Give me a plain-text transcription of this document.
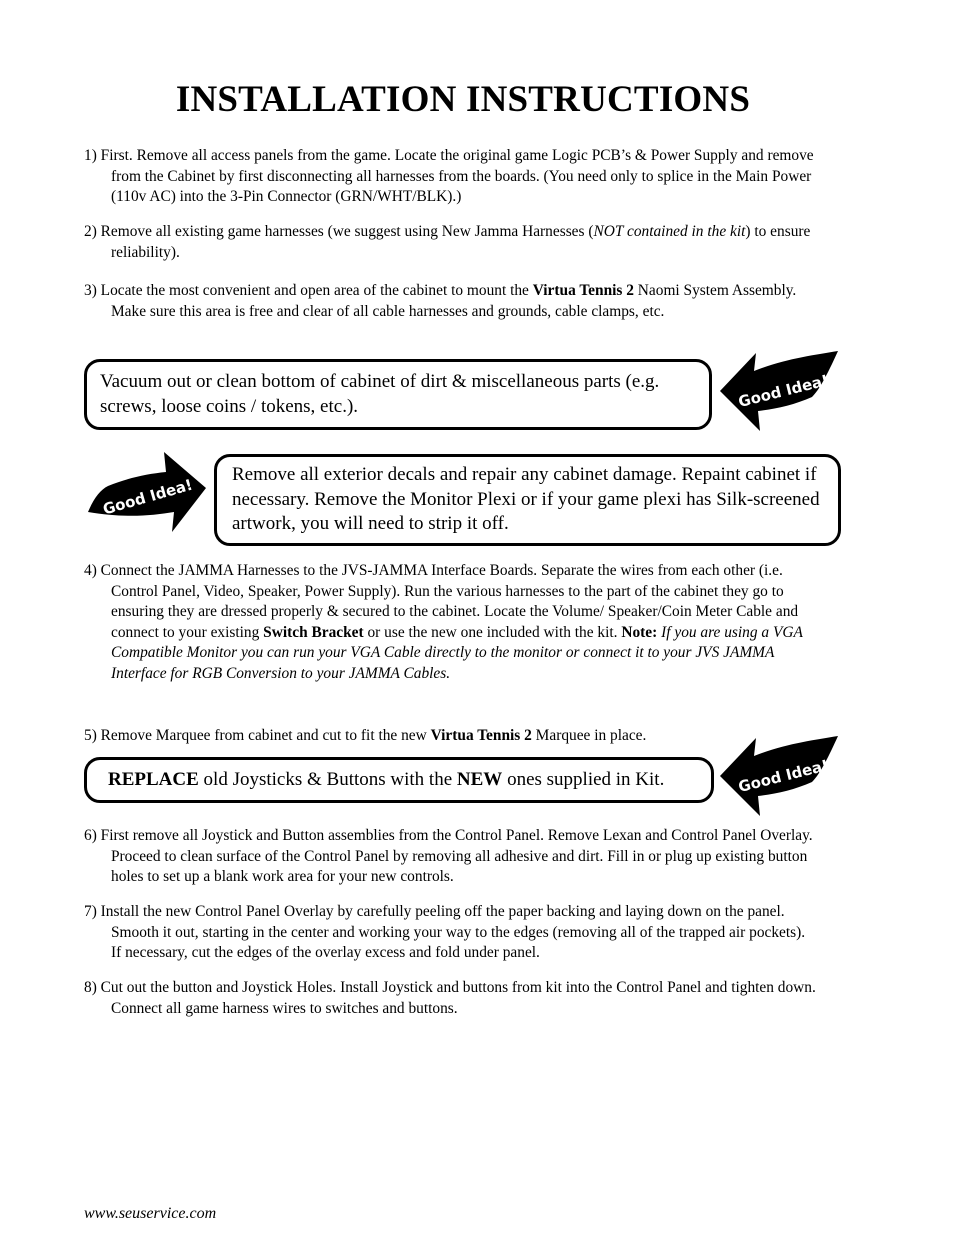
INSTALLATION INSTRUCTIONS
1) First. Remove all access panels from the game. Locate the original game Logic PCB’s & Power Supply and remove from the Cabinet by first disconnecting all harnesses from the boards. (You need only to splice in the Main Power (110v AC) into the 3-Pin Connector (GRN/WHT/BLK).)
2) Remove all existing game harnesses (we suggest using New Jamma Harnesses (NOT contained in the kit) to ensure reliability).
3) Locate the most convenient and open area of the cabinet to mount the Virtua Tennis 2 Naomi System Assembly. Make sure this area is free and clear of all cable harnesses and grounds, cable clamps, etc.
Vacuum out or clean bottom of cabinet of dirt & miscellaneous parts (e.g. screws, loose coins / tokens, etc.).	Good Idea!
Good Idea!
Remove all exterior decals and repair any cabinet damage. Repaint cabinet if necessary. Remove the Monitor Plexi or if your game plexi has Silk-screened artwork, you will need to strip it off.
4) Connect the JAMMA Harnesses to the JVS-JAMMA Interface Boards. Separate the wires from each other (i.e. Control Panel, Video, Speaker, Power Supply). Run the various harnesses to the part of the cabinet they go to ensuring they are dressed properly & secured to the cabinet. Locate the Volume/ Speaker/Coin Meter Cable and connect to your existing Switch Bracket or use the new one included with the kit. Note: If you are using a VGA Compatible Monitor you can run your VGA Cable directly to the monitor or connect it to your JVS JAMMA Interface for RGB Conversion to your JAMMA Cables.
5) Remove Marquee from cabinet and cut to fit the new Virtua Tennis 2 Marquee in place.
REPLACE old Joysticks & Buttons with the NEW ones supplied in Kit.	Good Idea!
6) First remove all Joystick and Button assemblies from the Control Panel. Remove Lexan and Control Panel Overlay. Proceed to clean surface of the Control Panel by removing all adhesive and dirt. Fill in or plug up existing button holes to set up a blank work area for your new controls.
7) Install the new Control Panel Overlay by carefully peeling off the paper backing and laying down on the panel. Smooth it out, starting in the center and working your way to the edges (removing all of the trapped air pockets). If necessary, cut the edges of the overlay excess and fold under panel.
8) Cut out the button and Joystick Holes. Install Joystick and buttons from kit into the Control Panel and tighten down. Connect all game harness wires to switches and buttons.
www.seuservice.com
